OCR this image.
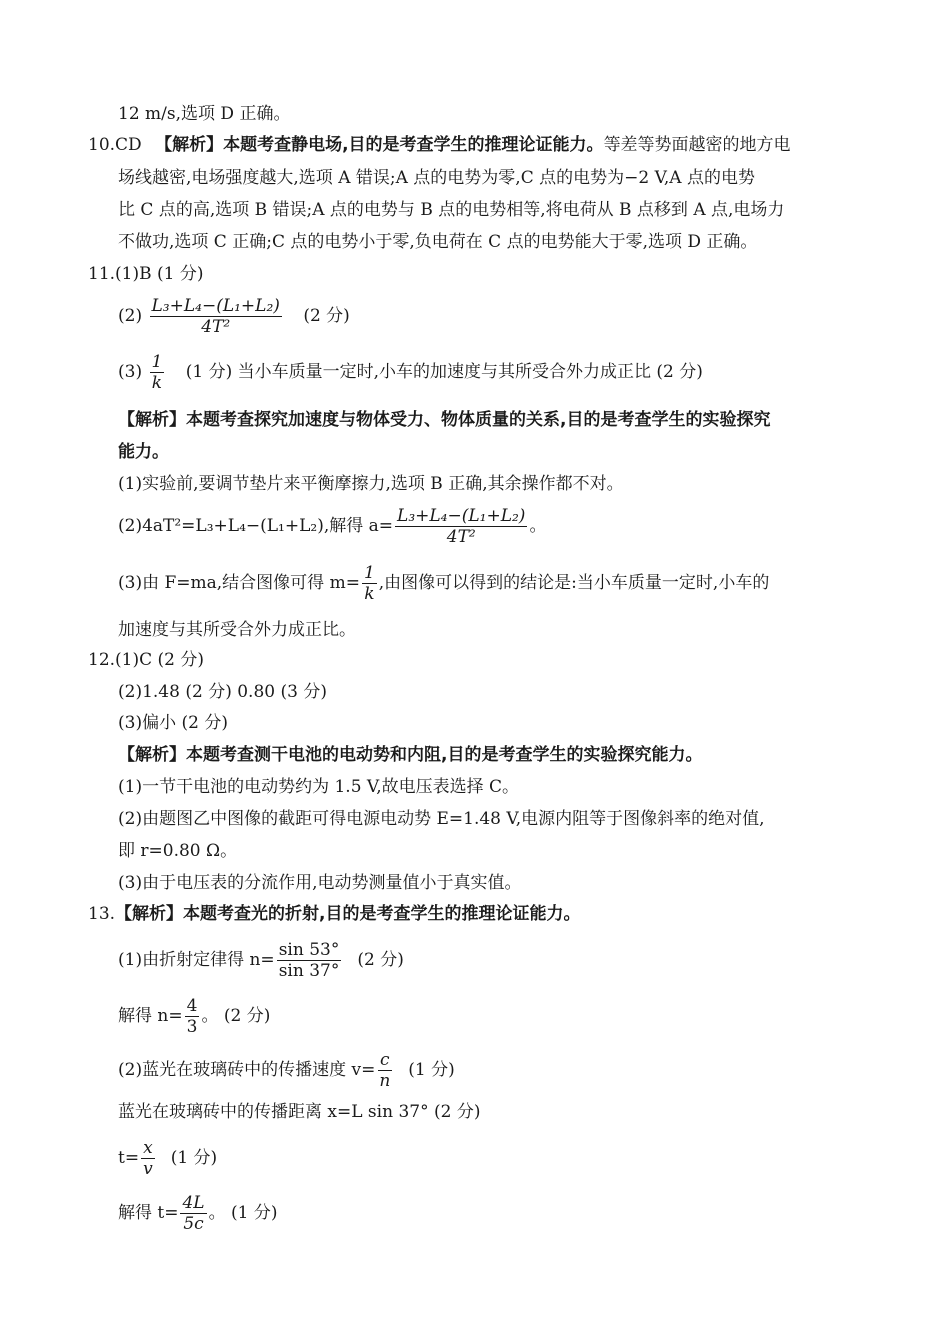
12 m/s,选项 D 正确。
10.CD 【解析】本题考查静电场,目的是考查学生的推理论证能力。等差等势面越密的地方电
场线越密,电场强度越大,选项 A 错误;A 点的电势为零,C 点的电势为−2 V,A 点的电势
比 C 点的高,选项 B 错误;A 点的电势与 B 点的电势相等,将电荷从 B 点移到 A 点,电场力
不做功,选项 C 正确;C 点的电势小于零,负电荷在 C 点的电势能大于零,选项 D 正确。
11.(1)B (1 分)
$(2) \frac{\text{L₃+L₄−(L₁+L₂)}}{\text{4T²}} (2$ 分)
$(3) \frac{1}{k} (1$ 分) 当小车质量一定时,小车的加速度与其所受合外力成正比 (2 分)
【解析】本题考查探究加速度与物体受力、物体质量的关系,目的是考查学生的实验探究
能力。
(1)实验前,要调节垫片来平衡摩擦力,选项 B 正确,其余操作都不对。
(2)4aT²=L₃+L₄−(L₁+L₂),解得 $a= \frac{\text{L₃+L₄−(L₁+L₂)}}{\text{4T²}}$ 。
(3)由 F=ma,结合图像可得 $m= \frac{1}{k}$ ,由图像可以得到的结论是:当小车质量一定时,小车的
加速度与其所受合外力成正比。
12.(1)C (2 分)
(2)1.48 (2 分) 0.80 (3 分)
(3)偏小 (2 分)
【解析】本题考查测干电池的电动势和内阻,目的是考查学生的实验探究能力。
(1)一节干电池的电动势约为 1.5 V,故电压表选择 C。
(2)由题图乙中图像的截距可得电源电动势 E=1.48 V,电源内阻等于图像斜率的绝对值,
即 r=0.80 Ω。
(3)由于电压表的分流作用,电动势测量值小于真实值。
13.【解析】本题考查光的折射,目的是考查学生的推理论证能力。
(1)由折射定律得 $n= \frac{\sin 53^\circ}{\sin 37^\circ} (2$ 分)
解得 $n= \frac{4}{3}$ 。 (2 分)
(2)蓝光在玻璃砖中的传播速度 $v= \frac{c}{n} (1$ 分)
蓝光在玻璃砖中的传播距离 x=L sin 37° (2 分)
$t= \frac{x}{v} (1$ 分)
解得 $t= \frac{4L}{5c}$ 。 (1 分)
